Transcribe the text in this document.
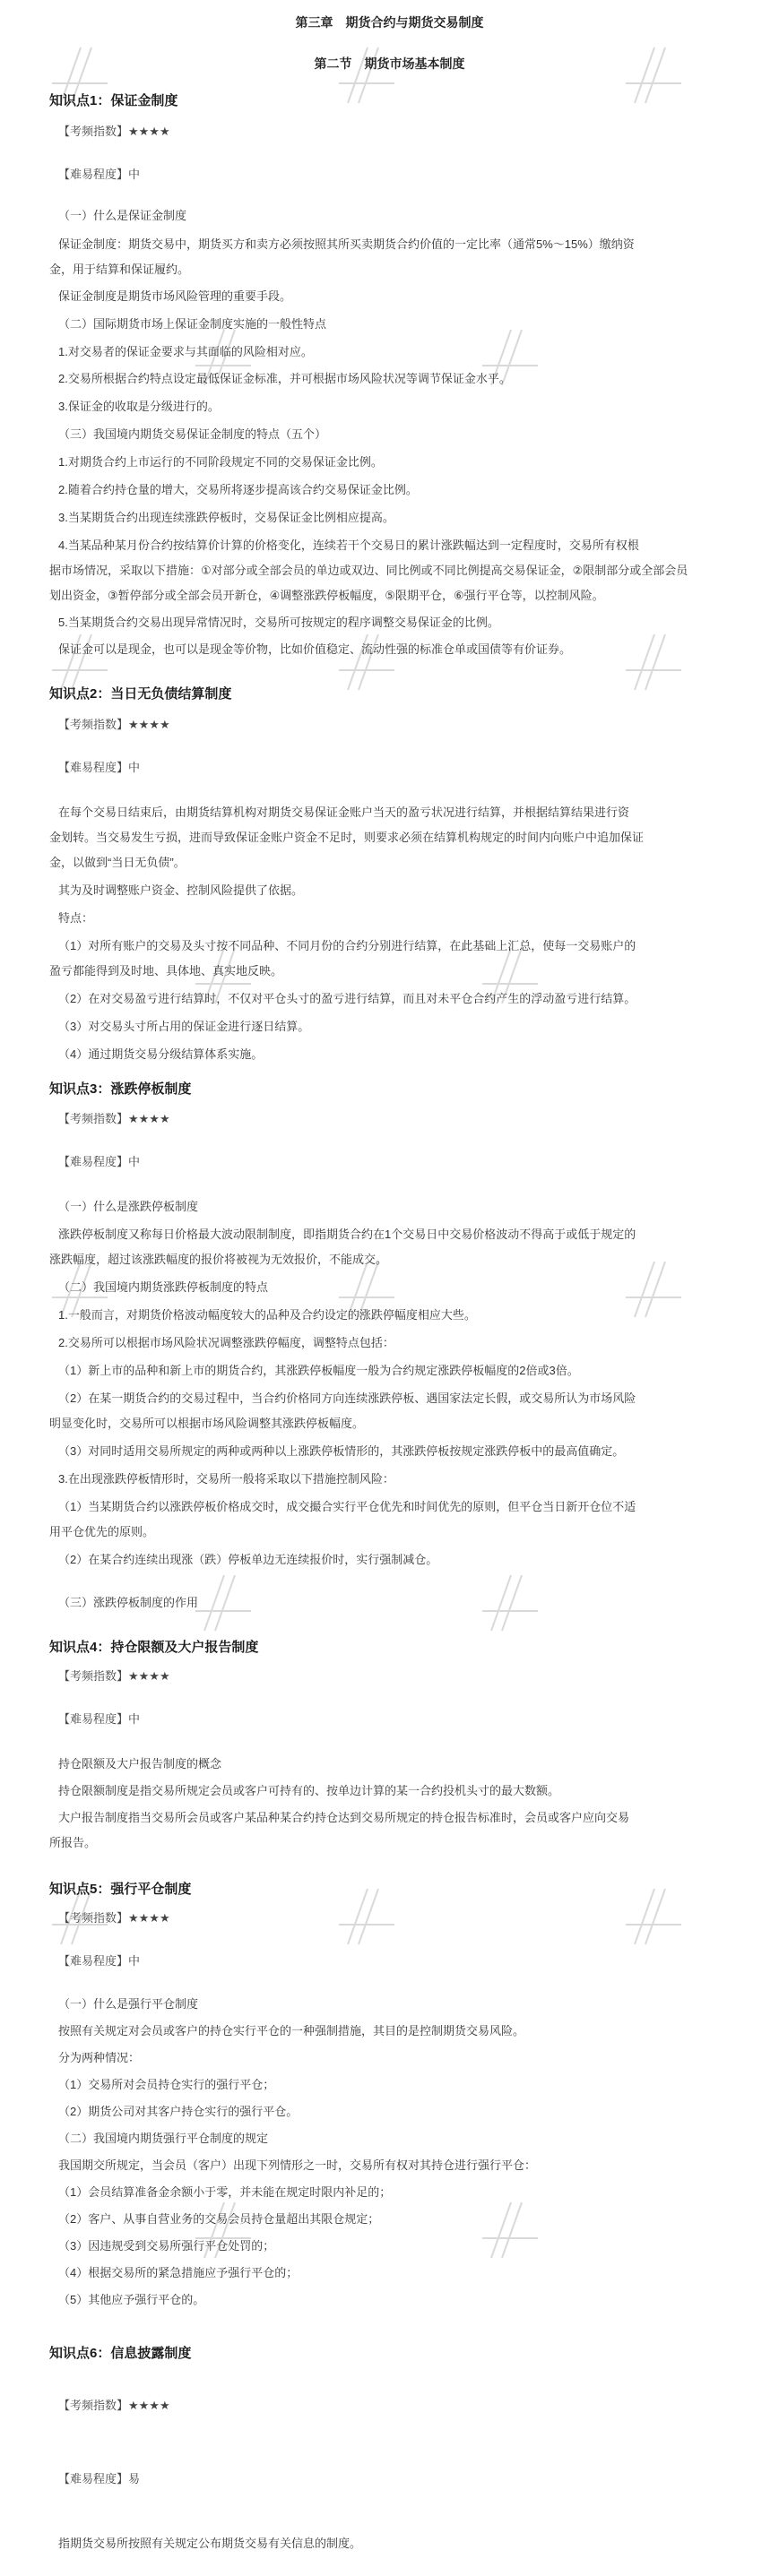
第三章　期货合约与期货交易制度
第二节　期货市场基本制度
知识点1：保证金制度
【考频指数】★★★★
【难易程度】中
（一）什么是保证金制度
保证金制度：期货交易中，期货买方和卖方必须按照其所买卖期货合约价值的一定比率（通常5%～15%）缴纳资
金，用于结算和保证履约。
保证金制度是期货市场风险管理的重要手段。
（二）国际期货市场上保证金制度实施的一般性特点
1.对交易者的保证金要求与其面临的风险相对应。
2.交易所根据合约特点设定最低保证金标准，并可根据市场风险状况等调节保证金水平。
3.保证金的收取是分级进行的。
（三）我国境内期货交易保证金制度的特点（五个）
1.对期货合约上市运行的不同阶段规定不同的交易保证金比例。
2.随着合约持仓量的增大，交易所将逐步提高该合约交易保证金比例。
3.当某期货合约出现连续涨跌停板时，交易保证金比例相应提高。
4.当某品种某月份合约按结算价计算的价格变化，连续若干个交易日的累计涨跌幅达到一定程度时，交易所有权根
据市场情况，采取以下措施：①对部分或全部会员的单边或双边、同比例或不同比例提高交易保证金，②限制部分或全部会员
划出资金，③暂停部分或全部会员开新仓，④调整涨跌停板幅度，⑤限期平仓，⑥强行平仓等，以控制风险。
5.当某期货合约交易出现异常情况时，交易所可按规定的程序调整交易保证金的比例。
保证金可以是现金，也可以是现金等价物，比如价值稳定、流动性强的标准仓单或国债等有价证券。
知识点2：当日无负债结算制度
【考频指数】★★★★
【难易程度】中
在每个交易日结束后，由期货结算机构对期货交易保证金账户当天的盈亏状况进行结算，并根据结算结果进行资
金划转。当交易发生亏损，进而导致保证金账户资金不足时，则要求必须在结算机构规定的时间内向账户中追加保证
金，以做到“当日无负债”。
其为及时调整账户资金、控制风险提供了依据。
特点：
（1）对所有账户的交易及头寸按不同品种、不同月份的合约分别进行结算，在此基础上汇总，使每一交易账户的
盈亏都能得到及时地、具体地、真实地反映。
（2）在对交易盈亏进行结算时，不仅对平仓头寸的盈亏进行结算，而且对未平仓合约产生的浮动盈亏进行结算。
（3）对交易头寸所占用的保证金进行逐日结算。
（4）通过期货交易分级结算体系实施。
知识点3：涨跌停板制度
【考频指数】★★★★
【难易程度】中
（一）什么是涨跌停板制度
涨跌停板制度又称每日价格最大波动限制制度，即指期货合约在1个交易日中交易价格波动不得高于或低于规定的
涨跌幅度，超过该涨跌幅度的报价将被视为无效报价，不能成交。
（二）我国境内期货涨跌停板制度的特点
1.一般而言，对期货价格波动幅度较大的品种及合约设定的涨跌停幅度相应大些。
2.交易所可以根据市场风险状况调整涨跌停幅度，调整特点包括：
（1）新上市的品种和新上市的期货合约，其涨跌停板幅度一般为合约规定涨跌停板幅度的2倍或3倍。
（2）在某一期货合约的交易过程中，当合约价格同方向连续涨跌停板、遇国家法定长假，或交易所认为市场风险
明显变化时，交易所可以根据市场风险调整其涨跌停板幅度。
（3）对同时适用交易所规定的两种或两种以上涨跌停板情形的，其涨跌停板按规定涨跌停板中的最高值确定。
3.在出现涨跌停板情形时，交易所一般将采取以下措施控制风险：
（1）当某期货合约以涨跌停板价格成交时，成交撮合实行平仓优先和时间优先的原则，但平仓当日新开仓位不适
用平仓优先的原则。
（2）在某合约连续出现涨（跌）停板单边无连续报价时，实行强制减仓。
（三）涨跌停板制度的作用
知识点4：持仓限额及大户报告制度
【考频指数】★★★★
【难易程度】中
持仓限额及大户报告制度的概念
持仓限额制度是指交易所规定会员或客户可持有的、按单边计算的某一合约投机头寸的最大数额。
大户报告制度指当交易所会员或客户某品种某合约持仓达到交易所规定的持仓报告标准时，会员或客户应向交易
所报告。
知识点5：强行平仓制度
【考频指数】★★★★
【难易程度】中
（一）什么是强行平仓制度
按照有关规定对会员或客户的持仓实行平仓的一种强制措施，其目的是控制期货交易风险。
分为两种情况：
（1）交易所对会员持仓实行的强行平仓；
（2）期货公司对其客户持仓实行的强行平仓。
（二）我国境内期货强行平仓制度的规定
我国期交所规定，当会员（客户）出现下列情形之一时，交易所有权对其持仓进行强行平仓：
（1）会员结算准备金余额小于零，并未能在规定时限内补足的；
（2）客户、从事自营业务的交易会员持仓量超出其限仓规定；
（3）因违规受到交易所强行平仓处罚的；
（4）根据交易所的紧急措施应予强行平仓的；
（5）其他应予强行平仓的。
知识点6：信息披露制度
【考频指数】★★★★
【难易程度】易
指期货交易所按照有关规定公布期货交易有关信息的制度。
